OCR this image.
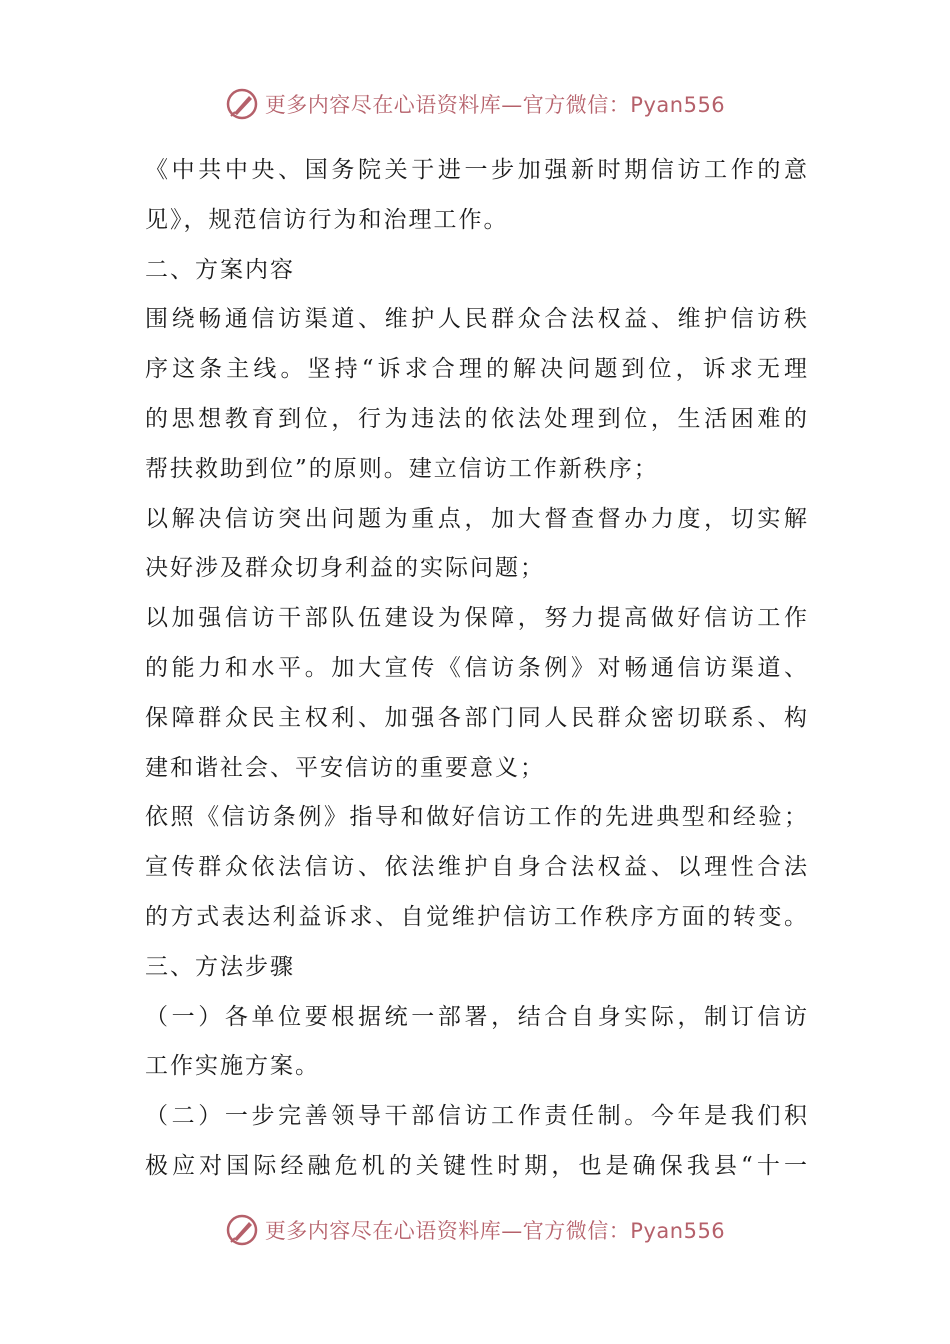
更多内容尽在心语资料库—官方微信：Pyan556
《中共中央、国务院关于进一步加强新时期信访工作的意
见》，规范信访行为和治理工作。
二、方案内容
围绕畅通信访渠道、维护人民群众合法权益、维护信访秩
序这条主线。坚持“诉求合理的解决问题到位，诉求无理
的思想教育到位，行为违法的依法处理到位，生活困难的
帮扶救助到位”的原则。建立信访工作新秩序；
以解决信访突出问题为重点，加大督查督办力度，切实解
决好涉及群众切身利益的实际问题；
以加强信访干部队伍建设为保障，努力提高做好信访工作
的能力和水平。加大宣传《信访条例》对畅通信访渠道、
保障群众民主权利、加强各部门同人民群众密切联系、构
建和谐社会、平安信访的重要意义；
依照《信访条例》指导和做好信访工作的先进典型和经验；
宣传群众依法信访、依法维护自身合法权益、以理性合法
的方式表达利益诉求、自觉维护信访工作秩序方面的转变。
三、方法步骤
（一）各单位要根据统一部署，结合自身实际，制订信访
工作实施方案。
（二）一步完善领导干部信访工作责任制。今年是我们积
极应对国际经融危机的关键性时期，也是确保我县“十一
更多内容尽在心语资料库—官方微信：Pyan556
